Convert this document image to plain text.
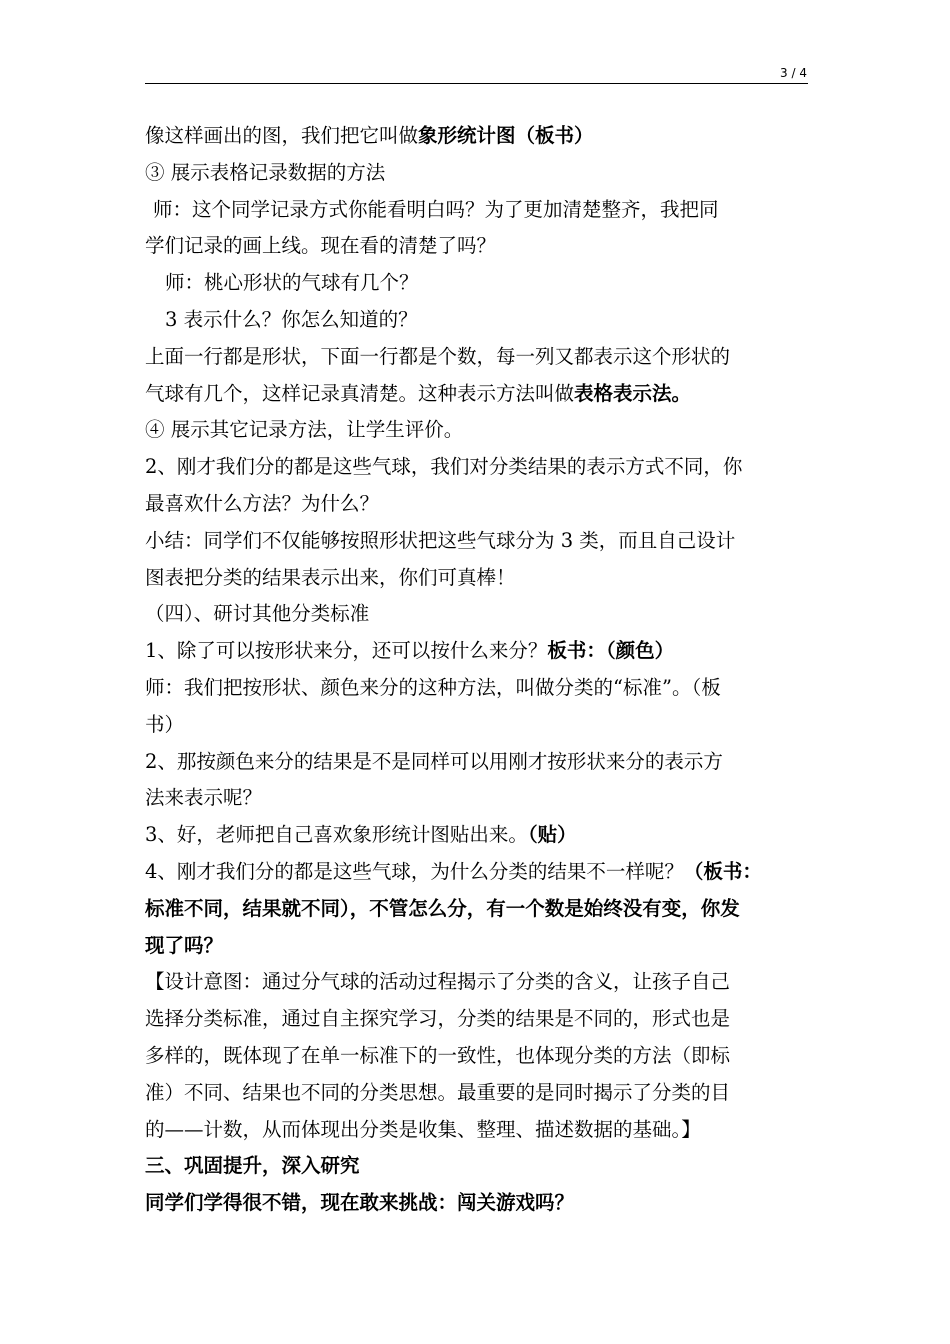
3 / 4
像这样画出的图，我们把它叫做象形统计图（板书）
③ 展示表格记录数据的方法
师：这个同学记录方式你能看明白吗？为了更加清楚整齐，我把同
学们记录的画上线。现在看的清楚了吗？
师：桃心形状的气球有几个？
3 表示什么？你怎么知道的？
上面一行都是形状，下面一行都是个数，每一列又都表示这个形状的
气球有几个，这样记录真清楚。这种表示方法叫做表格表示法。
④ 展示其它记录方法，让学生评价。
2、刚才我们分的都是这些气球，我们对分类结果的表示方式不同，你
最喜欢什么方法？为什么？
小结：同学们不仅能够按照形状把这些气球分为 3 类，而且自己设计
图表把分类的结果表示出来，你们可真棒！
（四）、研讨其他分类标准
1、除了可以按形状来分，还可以按什么来分？板书：（颜色）
师：我们把按形状、颜色来分的这种方法，叫做分类的“标准”。（板
书）
2、那按颜色来分的结果是不是同样可以用刚才按形状来分的表示方
法来表示呢？
3、好，老师把自己喜欢象形统计图贴出来。（贴）
4、刚才我们分的都是这些气球，为什么分类的结果不一样呢？（板书：
标准不同，结果就不同），不管怎么分，有一个数是始终没有变，你发
现了吗？
【设计意图：通过分气球的活动过程揭示了分类的含义，让孩子自己
选择分类标准，通过自主探究学习，分类的结果是不同的，形式也是
多样的，既体现了在单一标准下的一致性，也体现分类的方法（即标
准）不同、结果也不同的分类思想。最重要的是同时揭示了分类的目
的——计数，从而体现出分类是收集、整理、描述数据的基础。】
三、巩固提升，深入研究
同学们学得很不错，现在敢来挑战：闯关游戏吗？
